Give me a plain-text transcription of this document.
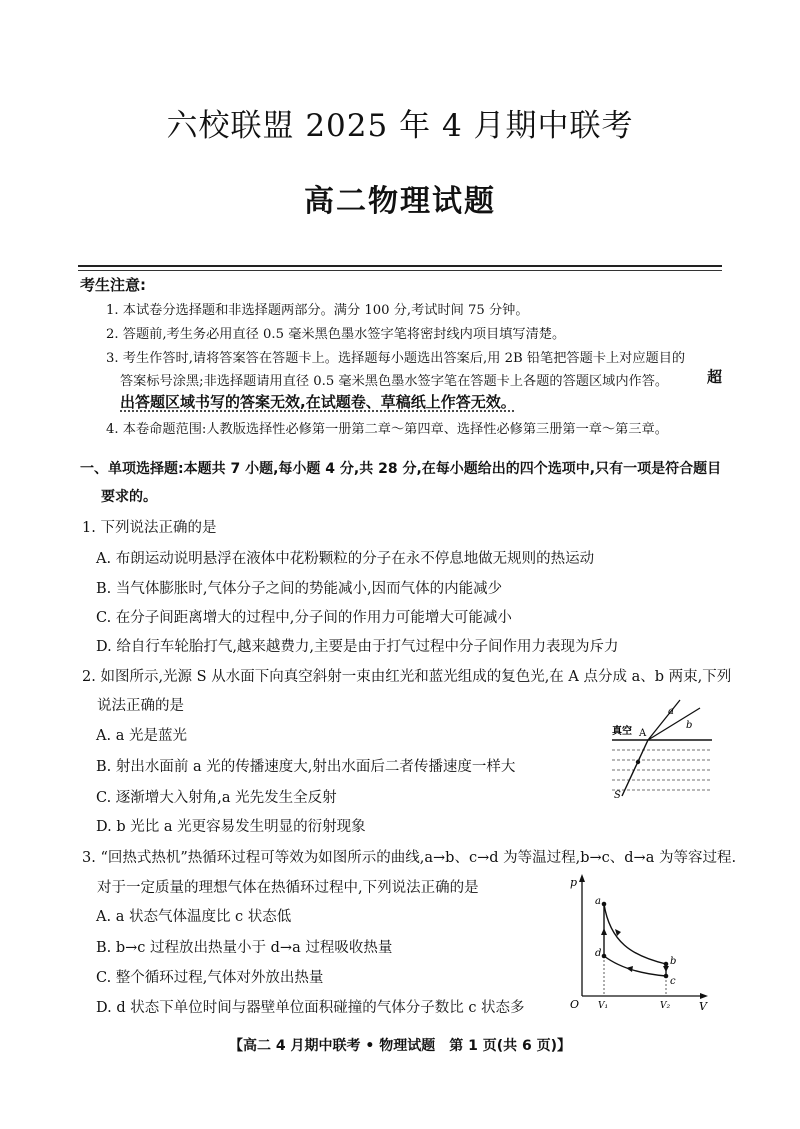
六校联盟 2025 年 4 月期中联考
高二物理试题
考生注意:
1. 本试卷分选择题和非选择题两部分。满分 100 分,考试时间 75 分钟。
2. 答题前,考生务必用直径 0.5 毫米黑色墨水签字笔将密封线内项目填写清楚。
3. 考生作答时,请将答案答在答题卡上。选择题每小题选出答案后,用 2B 铅笔把答题卡上对应题目的
答案标号涂黑;非选择题请用直径 0.5 毫米黑色墨水签字笔在答题卡上各题的答题区域内作答。	超
出答题区域书写的答案无效,在试题卷、草稿纸上作答无效。
4. 本卷命题范围:人教版选择性必修第一册第二章～第四章、选择性必修第三册第一章～第三章。
一、单项选择题:本题共 7 小题,每小题 4 分,共 28 分,在每小题给出的四个选项中,只有一项是符合题目
要求的。
1. 下列说法正确的是
A. 布朗运动说明悬浮在液体中花粉颗粒的分子在永不停息地做无规则的热运动
B. 当气体膨胀时,气体分子之间的势能减小,因而气体的内能减少
C. 在分子间距离增大的过程中,分子间的作用力可能增大可能减小
D. 给自行车轮胎打气,越来越费力,主要是由于打气过程中分子间作用力表现为斥力
2. 如图所示,光源 S 从水面下向真空斜射一束由红光和蓝光组成的复色光,在 A 点分成 a、b 两束,下列
说法正确的是
A. a 光是蓝光
B. 射出水面前 a 光的传播速度大,射出水面后二者传播速度一样大
C. 逐渐增大入射角,a 光先发生全反射
D. b 光比 a 光更容易发生明显的衍射现象
真空 A
a
b
S
3. “回热式热机”热循环过程可等效为如图所示的曲线,a→b、c→d 为等温过程,b→c、d→a 为等容过程.
对于一定质量的理想气体在热循环过程中,下列说法正确的是
A. a 状态气体温度比 c 状态低
B. b→c 过程放出热量小于 d→a 过程吸收热量
C. 整个循环过程,气体对外放出热量
D. d 状态下单位时间与器壁单位面积碰撞的气体分子数比 c 状态多
p
V
O
a
b
c
d
V₁	V₂
【高二 4 月期中联考 • 物理试题　第 1 页(共 6 页)】
